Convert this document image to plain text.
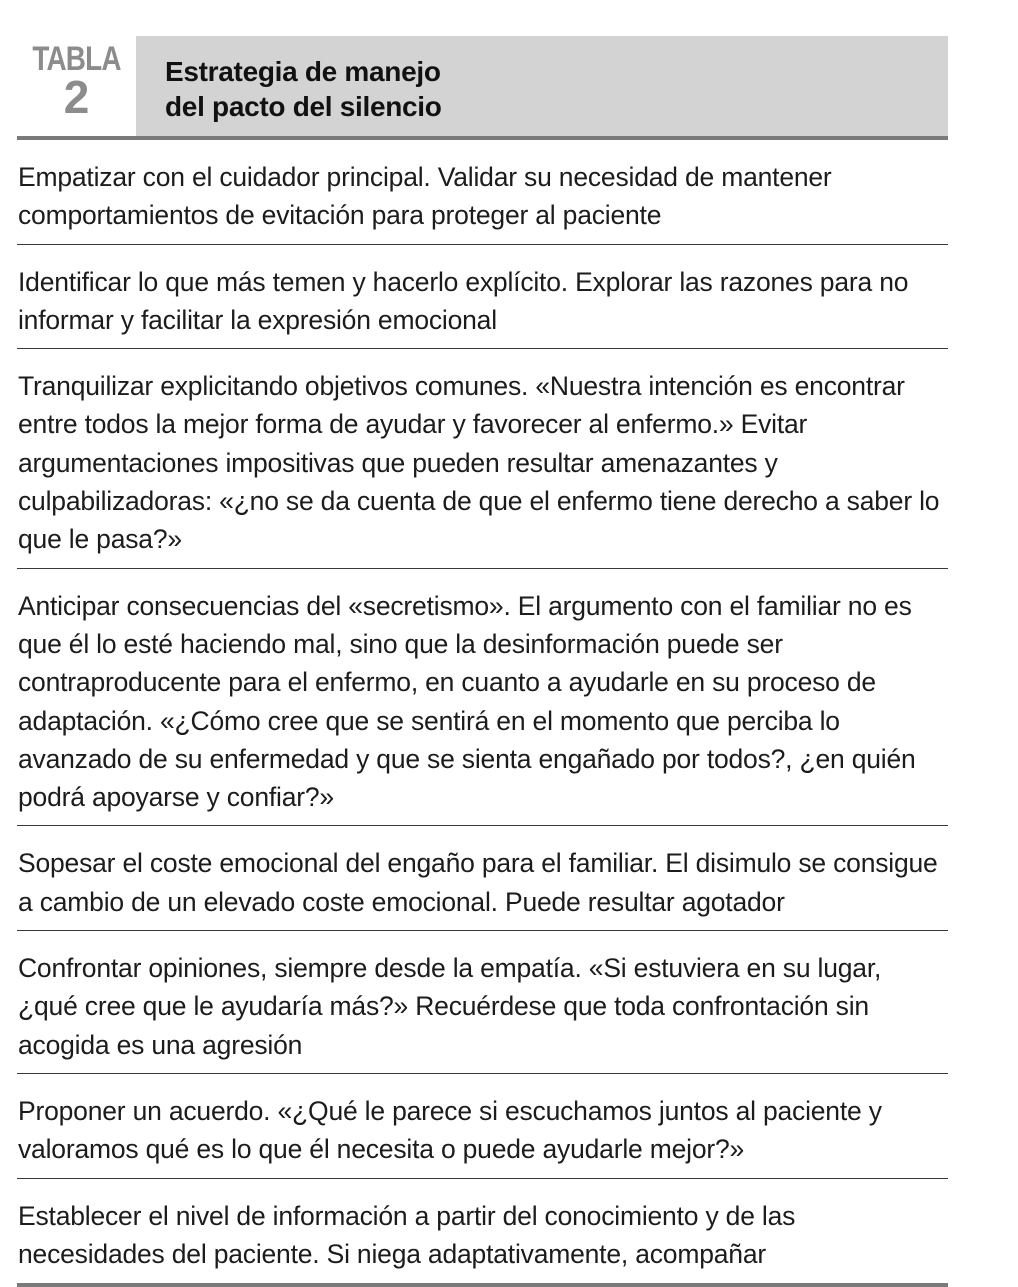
TABLA
2	Estrategia de manejo
del pacto del silencio
Empatizar con el cuidador principal. Validar su necesidad de mantener comportamientos de evitación para proteger al paciente
Identificar lo que más temen y hacerlo explícito. Explorar las razones para no informar y facilitar la expresión emocional
Tranquilizar explicitando objetivos comunes. «Nuestra intención es encontrar entre todos la mejor forma de ayudar y favorecer al enfermo.» Evitar argumentaciones impositivas que pueden resultar amenazantes y culpabilizadoras: «¿no se da cuenta de que el enfermo tiene derecho a saber lo que le pasa?»
Anticipar consecuencias del «secretismo». El argumento con el familiar no es que él lo esté haciendo mal, sino que la desinformación puede ser contraproducente para el enfermo, en cuanto a ayudarle en su proceso de adaptación. «¿Cómo cree que se sentirá en el momento que perciba lo avanzado de su enfermedad y que se sienta engañado por todos?, ¿en quién podrá apoyarse y confiar?»
Sopesar el coste emocional del engaño para el familiar. El disimulo se consigue a cambio de un elevado coste emocional. Puede resultar agotador
Confrontar opiniones, siempre desde la empatía. «Si estuviera en su lugar, ¿qué cree que le ayudaría más?» Recuérdese que toda confrontación sin acogida es una agresión
Proponer un acuerdo. «¿Qué le parece si escuchamos juntos al paciente y valoramos qué es lo que él necesita o puede ayudarle mejor?»
Establecer el nivel de información a partir del conocimiento y de las necesidades del paciente. Si niega adaptativamente, acompañar
